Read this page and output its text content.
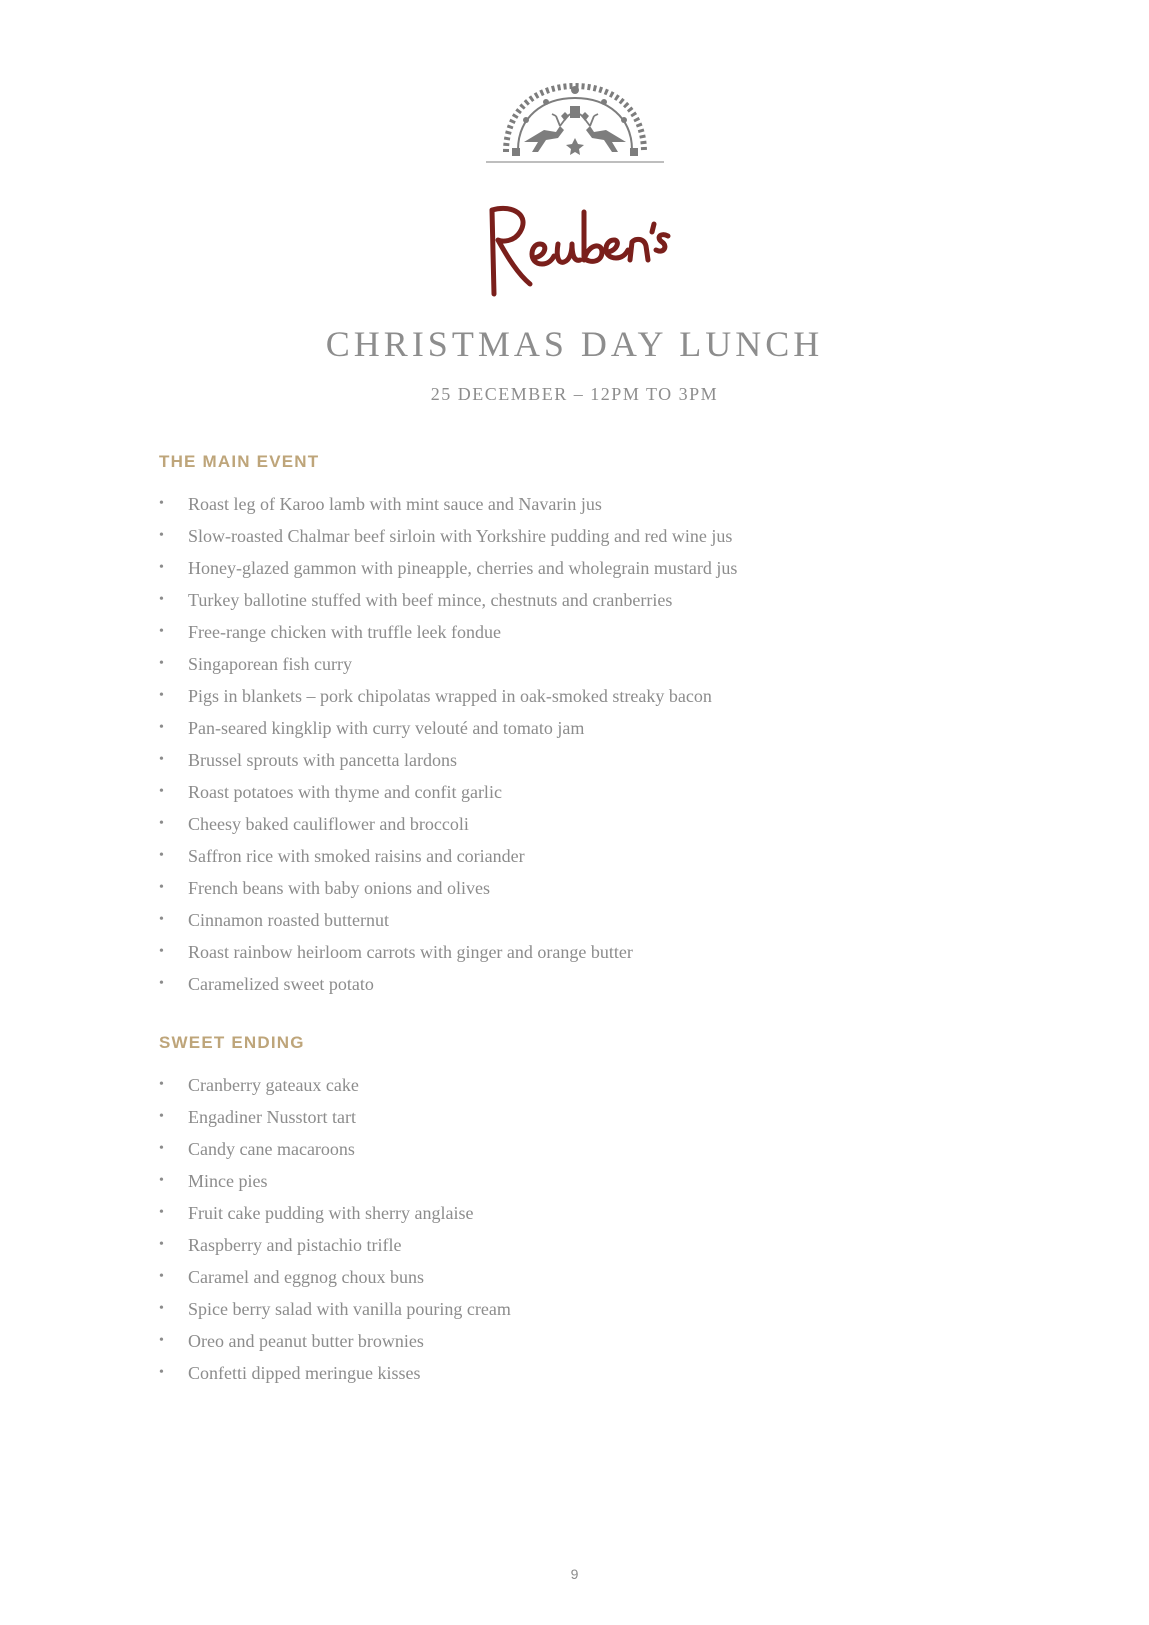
CHRISTMAS DAY LUNCH
25 DECEMBER – 12PM TO 3PM
THE MAIN EVENT
• Roast leg of Karoo lamb with mint sauce and Navarin jus
• Slow-roasted Chalmar beef sirloin with Yorkshire pudding and red wine jus
• Honey-glazed gammon with pineapple, cherries and wholegrain mustard jus
• Turkey ballotine stuffed with beef mince, chestnuts and cranberries
• Free-range chicken with truffle leek fondue
• Singaporean fish curry
• Pigs in blankets – pork chipolatas wrapped in oak-smoked streaky bacon
• Pan-seared kingklip with curry velouté and tomato jam
• Brussel sprouts with pancetta lardons
• Roast potatoes with thyme and confit garlic
• Cheesy baked cauliflower and broccoli
• Saffron rice with smoked raisins and coriander
• French beans with baby onions and olives
• Cinnamon roasted butternut
• Roast rainbow heirloom carrots with ginger and orange butter
• Caramelized sweet potato
SWEET ENDING
• Cranberry gateaux cake
• Engadiner Nusstort tart
• Candy cane macaroons
• Mince pies
• Fruit cake pudding with sherry anglaise
• Raspberry and pistachio trifle
• Caramel and eggnog choux buns
• Spice berry salad with vanilla pouring cream
• Oreo and peanut butter brownies
• Confetti dipped meringue kisses
9
